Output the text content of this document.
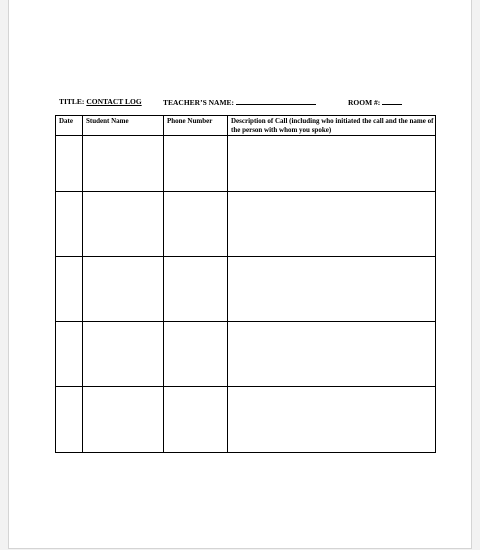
TITLE: CONTACT LOG	TEACHER’S NAME:	ROOM #:
Date	Student Name	Phone Number	Description of Call (including who initiated the call and the name of the person with whom you spoke)
